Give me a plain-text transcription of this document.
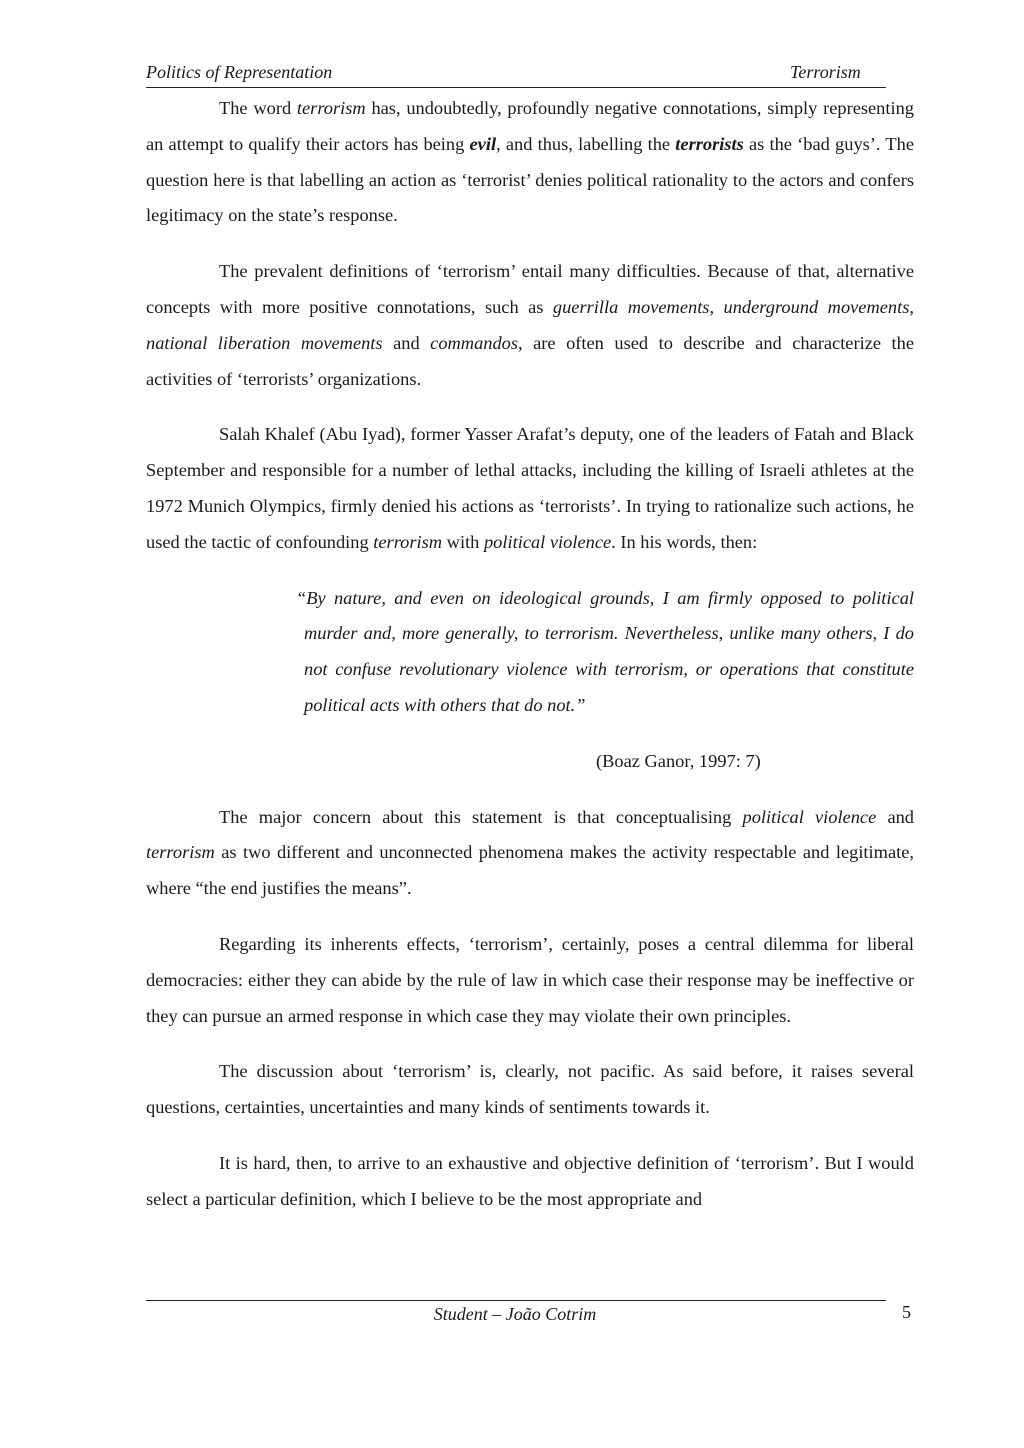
Politics of Representation	Terrorism

The word terrorism has, undoubtedly, profoundly negative connotations, simply representing an attempt to qualify their actors has being evil, and thus, labelling the terrorists as the ‘bad guys’. The question here is that labelling an action as ‘terrorist’ denies political rationality to the actors and confers legitimacy on the state’s response.

The prevalent definitions of ‘terrorism’ entail many difficulties. Because of that, alternative concepts with more positive connotations, such as guerrilla movements, underground movements, national liberation movements and commandos, are often used to describe and characterize the activities of ‘terrorists’ organizations.

Salah Khalef (Abu Iyad), former Yasser Arafat’s deputy, one of the leaders of Fatah and Black September and responsible for a number of lethal attacks, including the killing of Israeli athletes at the 1972 Munich Olympics, firmly denied his actions as ‘terrorists’. In trying to rationalize such actions, he used the tactic of confounding terrorism with political violence. In his words, then:

“By nature, and even on ideological grounds, I am firmly opposed to political murder and, more generally, to terrorism. Nevertheless, unlike many others, I do not confuse revolutionary violence with terrorism, or operations that constitute political acts with others that do not.”

(Boaz Ganor, 1997: 7)

The major concern about this statement is that conceptualising political violence and terrorism as two different and unconnected phenomena makes the activity respectable and legitimate, where “the end justifies the means”.

Regarding its inherents effects, ‘terrorism’, certainly, poses a central dilemma for liberal democracies: either they can abide by the rule of law in which case their response may be ineffective or they can pursue an armed response in which case they may violate their own principles.

The discussion about ‘terrorism’ is, clearly, not pacific. As said before, it raises several questions, certainties, uncertainties and many kinds of sentiments towards it.

It is hard, then, to arrive to an exhaustive and objective definition of ‘terrorism’. But I would select a particular definition, which I believe to be the most appropriate and

Student – João Cotrim	5
